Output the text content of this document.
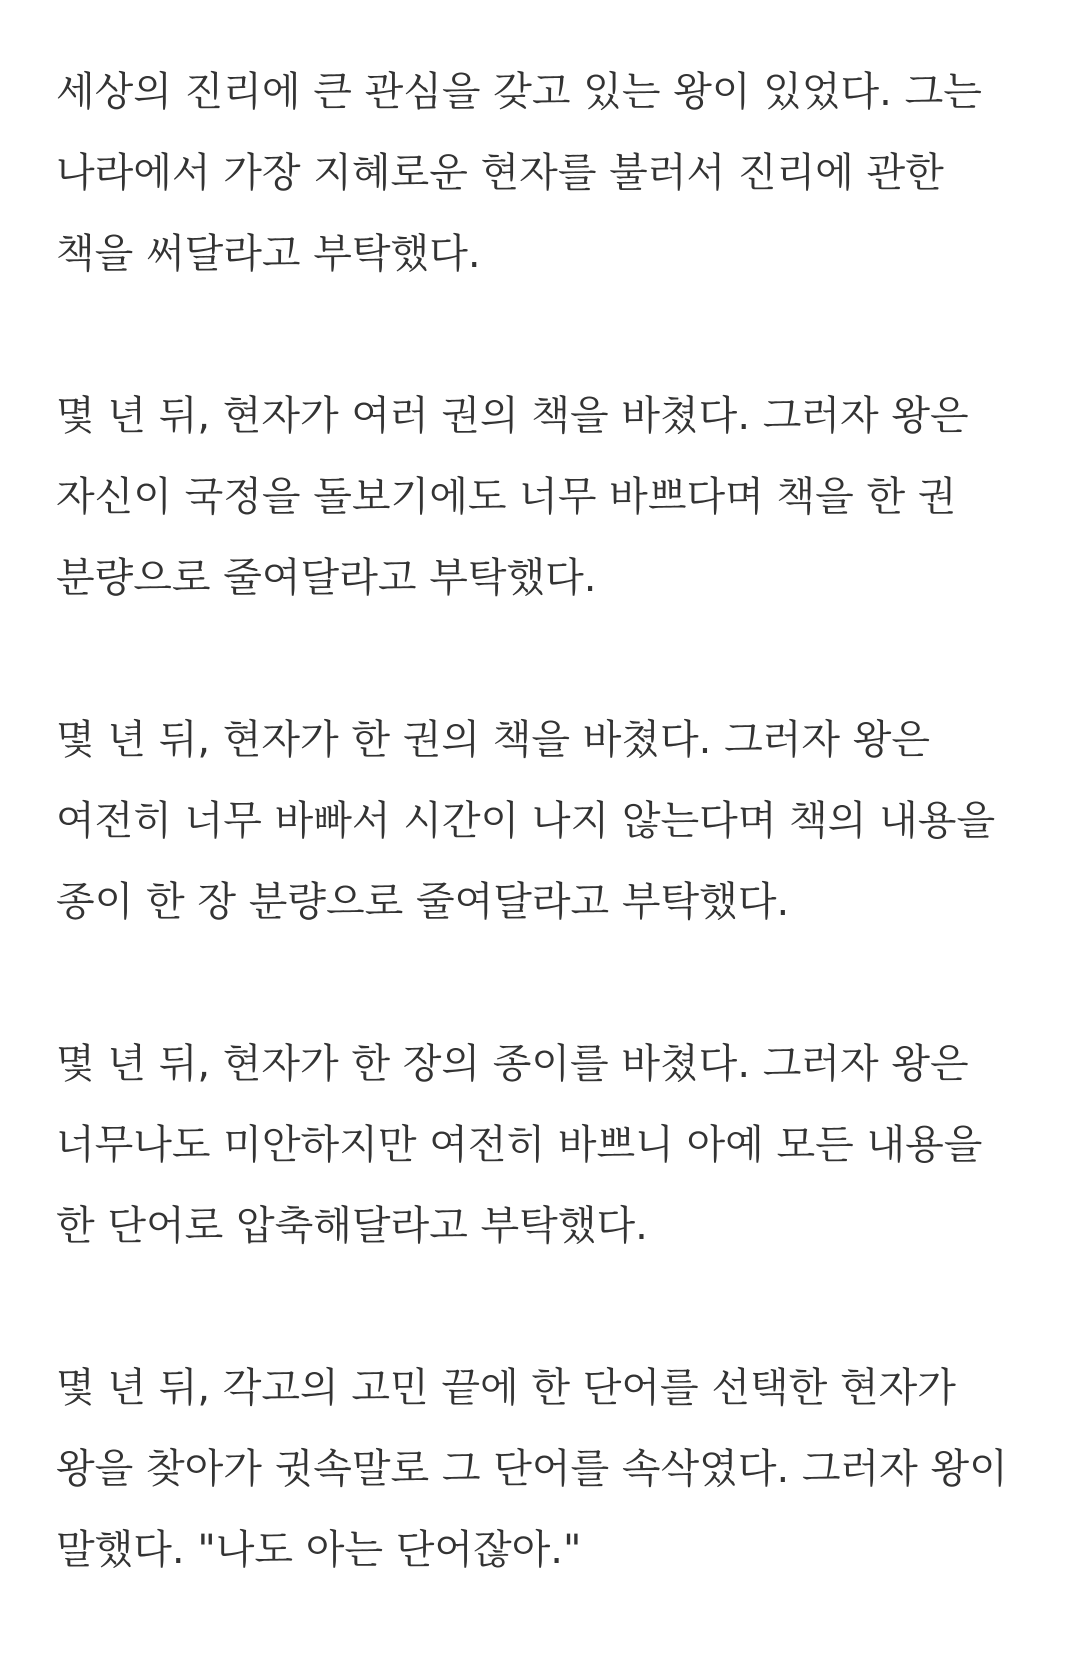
세상의 진리에 큰 관심을 갖고 있는 왕이 있었다. 그는
나라에서 가장 지혜로운 현자를 불러서 진리에 관한
책을 써달라고 부탁했다.

몇 년 뒤, 현자가 여러 권의 책을 바쳤다. 그러자 왕은
자신이 국정을 돌보기에도 너무 바쁘다며 책을 한 권
분량으로 줄여달라고 부탁했다.

몇 년 뒤, 현자가 한 권의 책을 바쳤다. 그러자 왕은
여전히 너무 바빠서 시간이 나지 않는다며 책의 내용을
종이 한 장 분량으로 줄여달라고 부탁했다.

몇 년 뒤, 현자가 한 장의 종이를 바쳤다. 그러자 왕은
너무나도 미안하지만 여전히 바쁘니 아예 모든 내용을
한 단어로 압축해달라고 부탁했다.

몇 년 뒤, 각고의 고민 끝에 한 단어를 선택한 현자가
왕을 찾아가 귓속말로 그 단어를 속삭였다. 그러자 왕이
말했다. "나도 아는 단어잖아."
